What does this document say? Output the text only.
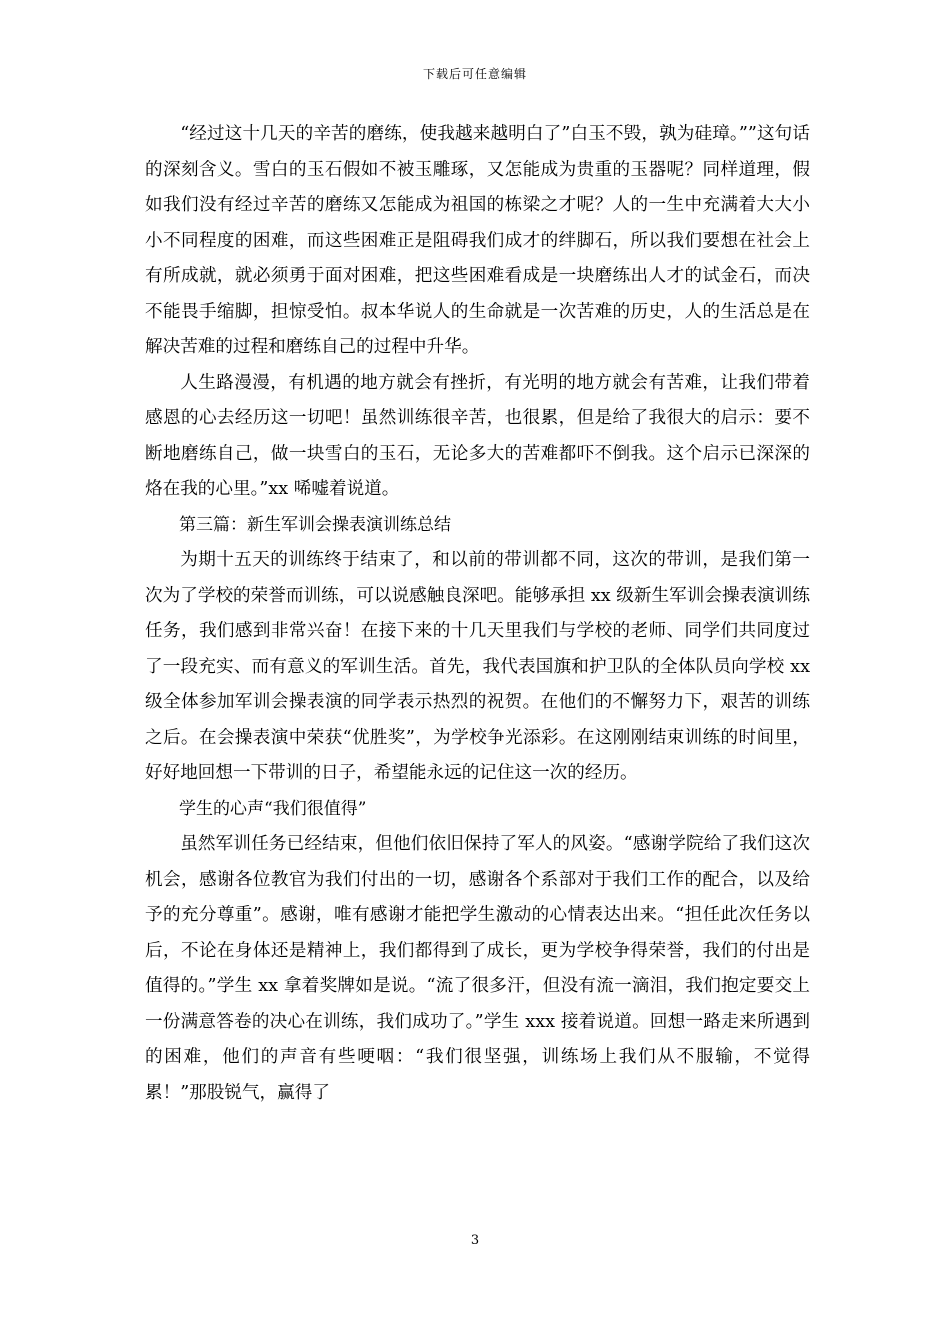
下载后可任意编辑

“经过这十几天的辛苦的磨练，使我越来越明白了”白玉不毁，孰为硅璋。””这句话的深刻含义。雪白的玉石假如不被玉雕琢，又怎能成为贵重的玉器呢？同样道理，假如我们没有经过辛苦的磨练又怎能成为祖国的栋梁之才呢？人的一生中充满着大大小小不同程度的困难，而这些困难正是阻碍我们成才的绊脚石，所以我们要想在社会上有所成就，就必须勇于面对困难，把这些困难看成是一块磨练出人才的试金石，而决不能畏手缩脚，担惊受怕。叔本华说人的生命就是一次苦难的历史，人的生活总是在解决苦难的过程和磨练自己的过程中升华。

人生路漫漫，有机遇的地方就会有挫折，有光明的地方就会有苦难，让我们带着感恩的心去经历这一切吧！虽然训练很辛苦，也很累，但是给了我很大的启示：要不断地磨练自己，做一块雪白的玉石，无论多大的苦难都吓不倒我。这个启示已深深的烙在我的心里。”xx 唏嘘着说道。

第三篇：新生军训会操表演训练总结

为期十五天的训练终于结束了，和以前的带训都不同，这次的带训，是我们第一次为了学校的荣誉而训练，可以说感触良深吧。能够承担 xx 级新生军训会操表演训练任务，我们感到非常兴奋！在接下来的十几天里我们与学校的老师、同学们共同度过了一段充实、而有意义的军训生活。首先，我代表国旗和护卫队的全体队员向学校 xx 级全体参加军训会操表演的同学表示热烈的祝贺。在他们的不懈努力下，艰苦的训练之后。在会操表演中荣获“优胜奖”，为学校争光添彩。在这刚刚结束训练的时间里，好好地回想一下带训的日子，希望能永远的记住这一次的经历。

学生的心声“我们很值得”

虽然军训任务已经结束，但他们依旧保持了军人的风姿。“感谢学院给了我们这次机会，感谢各位教官为我们付出的一切，感谢各个系部对于我们工作的配合，以及给予的充分尊重”。感谢，唯有感谢才能把学生激动的心情表达出来。“担任此次任务以后，不论在身体还是精神上，我们都得到了成长，更为学校争得荣誉，我们的付出是值得的。”学生 xx 拿着奖牌如是说。“流了很多汗，但没有流一滴泪，我们抱定要交上一份满意答卷的决心在训练，我们成功了。”学生 xxx 接着说道。回想一路走来所遇到的困难，他们的声音有些哽咽：“我们很坚强，训练场上我们从不服输，不觉得累！”那股锐气，赢得了

3
